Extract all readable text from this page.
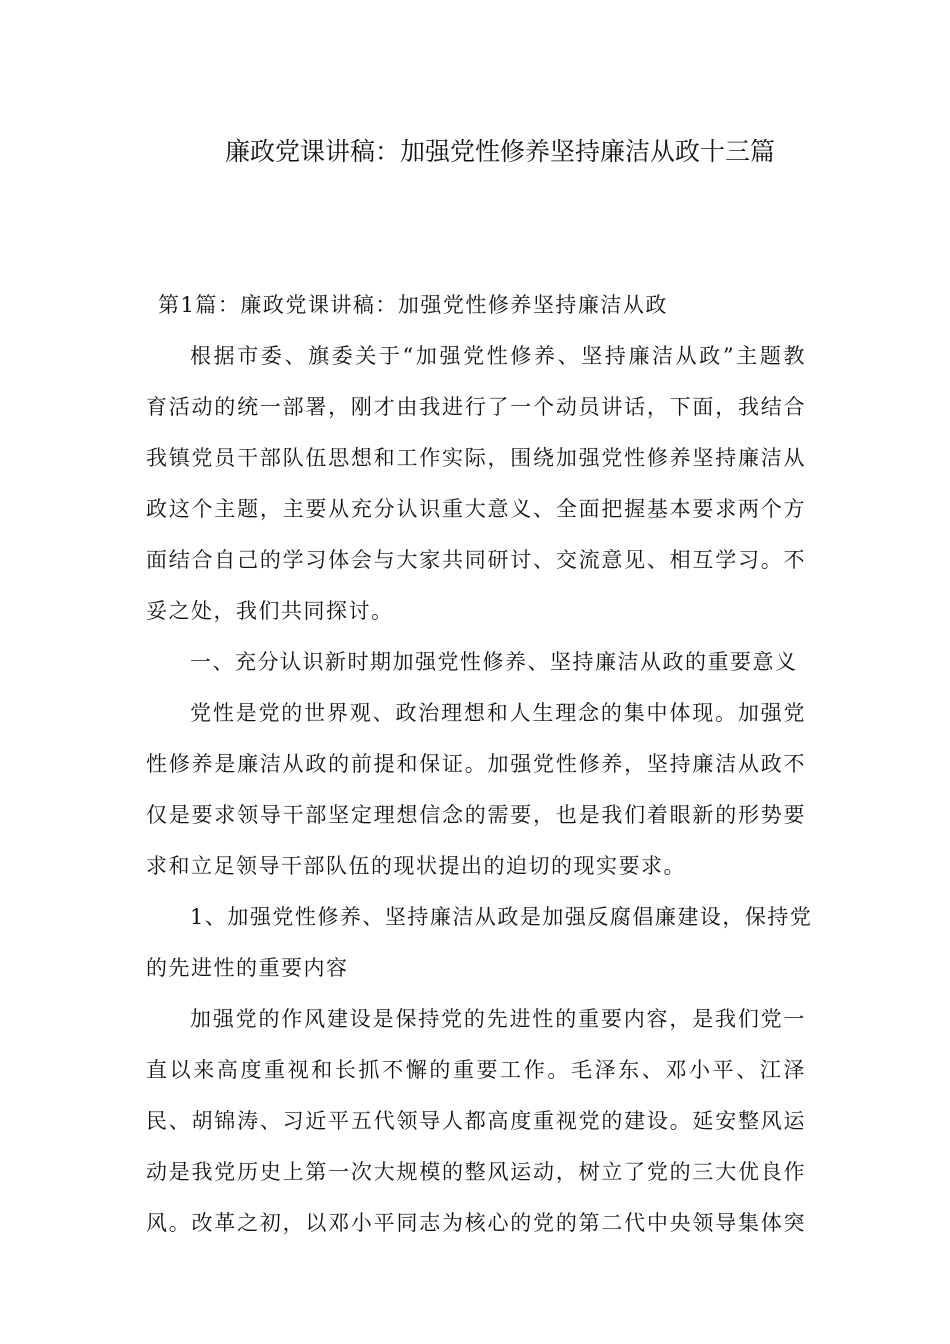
廉政党课讲稿：加强党性修养坚持廉洁从政十三篇
第1篇：廉政党课讲稿：加强党性修养坚持廉洁从政
根据市委、旗委关于“加强党性修养、坚持廉洁从政”主题教
育活动的统一部署，刚才由我进行了一个动员讲话，下面，我结合
我镇党员干部队伍思想和工作实际，围绕加强党性修养坚持廉洁从
政这个主题，主要从充分认识重大意义、全面把握基本要求两个方
面结合自己的学习体会与大家共同研讨、交流意见、相互学习。不
妥之处，我们共同探讨。
一、充分认识新时期加强党性修养、坚持廉洁从政的重要意义
党性是党的世界观、政治理想和人生理念的集中体现。加强党
性修养是廉洁从政的前提和保证。加强党性修养，坚持廉洁从政不
仅是要求领导干部坚定理想信念的需要，也是我们着眼新的形势要
求和立足领导干部队伍的现状提出的迫切的现实要求。
1、加强党性修养、坚持廉洁从政是加强反腐倡廉建设，保持党
的先进性的重要内容
加强党的作风建设是保持党的先进性的重要内容，是我们党一
直以来高度重视和长抓不懈的重要工作。毛泽东、邓小平、江泽
民、胡锦涛、习近平五代领导人都高度重视党的建设。延安整风运
动是我党历史上第一次大规模的整风运动，树立了党的三大优良作
风。改革之初，以邓小平同志为核心的党的第二代中央领导集体突
